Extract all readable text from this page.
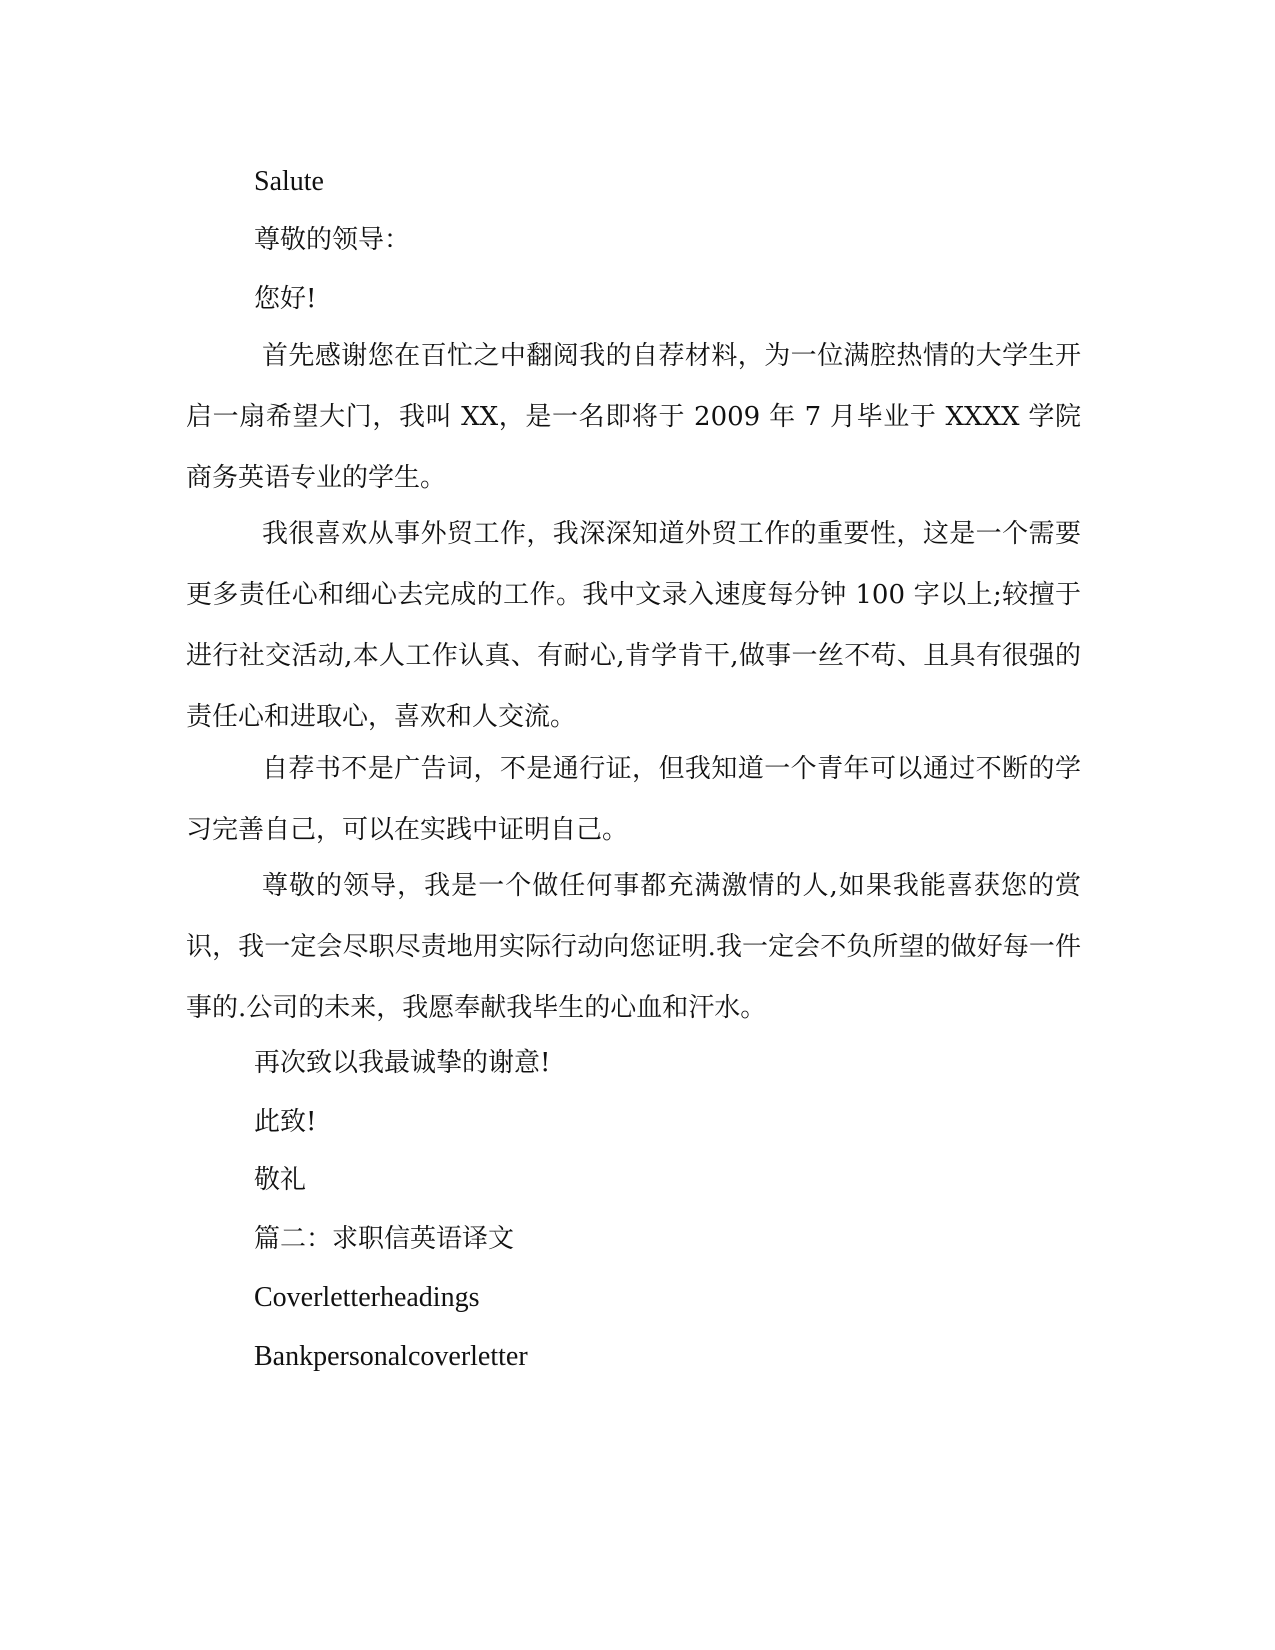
Salute
尊敬的领导：
您好!

首先感谢您在百忙之中翻阅我的自荐材料，为一位满腔热情的大学生开启一扇希望大门，我叫 XX，是一名即将于 2009 年 7 月毕业于 XXXX 学院商务英语专业的学生。

我很喜欢从事外贸工作，我深深知道外贸工作的重要性，这是一个需要更多责任心和细心去完成的工作。我中文录入速度每分钟 100 字以上;较擅于进行社交活动,本人工作认真、有耐心,肯学肯干,做事一丝不苟、且具有很强的责任心和进取心，喜欢和人交流。

自荐书不是广告词，不是通行证，但我知道一个青年可以通过不断的学习完善自己，可以在实践中证明自己。

尊敬的领导，我是一个做任何事都充满激情的人,如果我能喜获您的赏识，我一定会尽职尽责地用实际行动向您证明.我一定会不负所望的做好每一件事的.公司的未来，我愿奉献我毕生的心血和汗水。

再次致以我最诚挚的谢意!
此致!
敬礼
篇二：求职信英语译文
Coverletterheadings
Bankpersonalcoverletter
